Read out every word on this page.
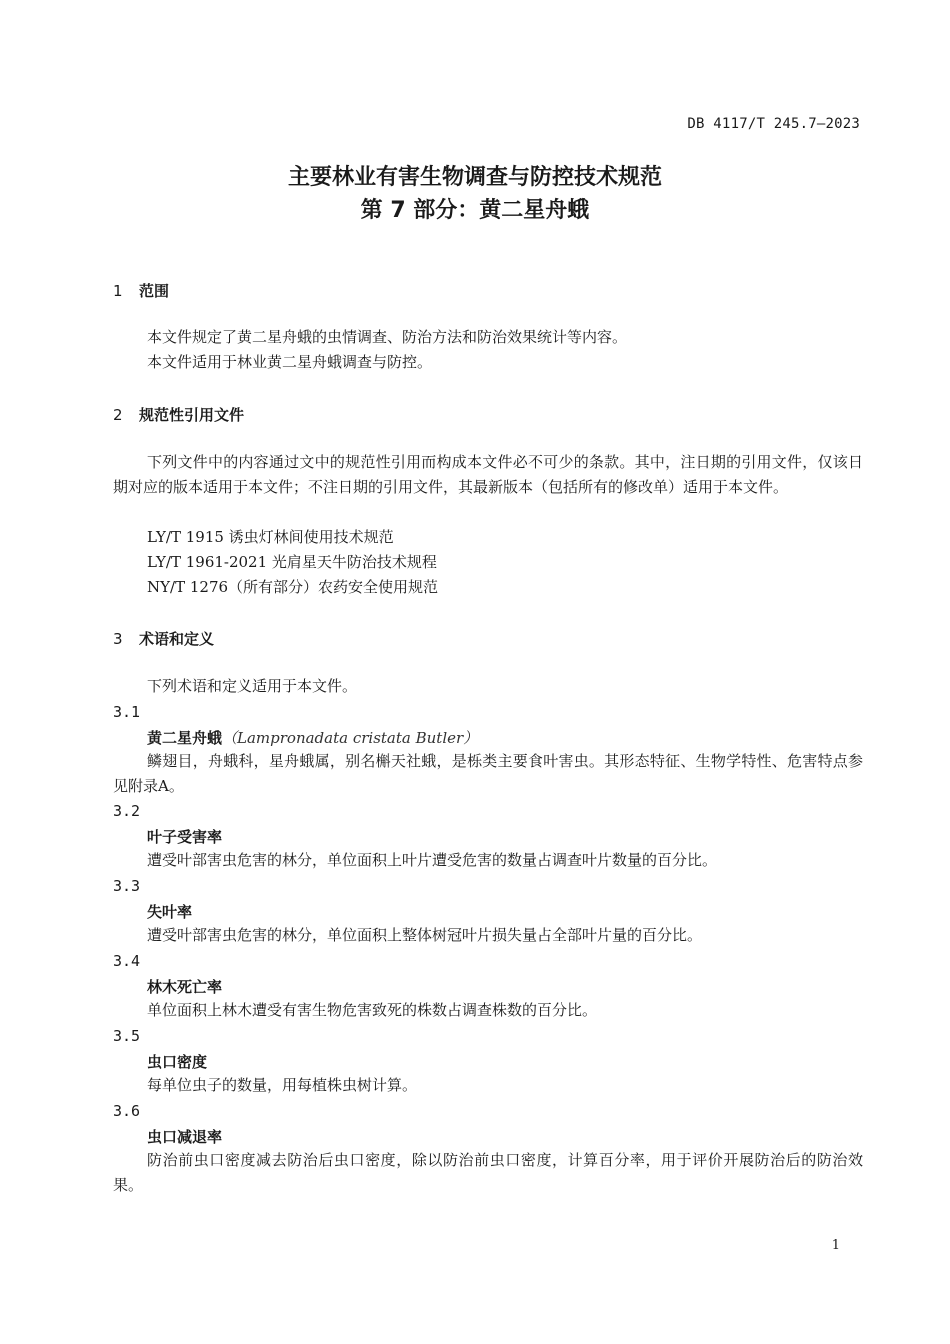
DB 4117/T 245.7—2023
主要林业有害生物调查与防控技术规范
第 7 部分：黄二星舟蛾
1 范围
本文件规定了黄二星舟蛾的虫情调查、防治方法和防治效果统计等内容。
本文件适用于林业黄二星舟蛾调查与防控。
2 规范性引用文件
下列文件中的内容通过文中的规范性引用而构成本文件必不可少的条款。其中，注日期的引用文件，仅该日期对应的版本适用于本文件；不注日期的引用文件，其最新版本（包括所有的修改单）适用于本文件。
LY/T 1915 诱虫灯林间使用技术规范
LY/T 1961-2021 光肩星天牛防治技术规程
NY/T 1276（所有部分）农药安全使用规范
3 术语和定义
下列术语和定义适用于本文件。
3.1
黄二星舟蛾（Lampronadata cristata Butler）
鳞翅目，舟蛾科，星舟蛾属，别名槲天社蛾，是栎类主要食叶害虫。其形态特征、生物学特性、危害特点参见附录A。
3.2
叶子受害率
遭受叶部害虫危害的林分，单位面积上叶片遭受危害的数量占调查叶片数量的百分比。
3.3
失叶率
遭受叶部害虫危害的林分，单位面积上整体树冠叶片损失量占全部叶片量的百分比。
3.4
林木死亡率
单位面积上林木遭受有害生物危害致死的株数占调查株数的百分比。
3.5
虫口密度
每单位虫子的数量，用每植株虫树计算。
3.6
虫口减退率
防治前虫口密度减去防治后虫口密度，除以防治前虫口密度，计算百分率，用于评价开展防治后的防治效果。
1
